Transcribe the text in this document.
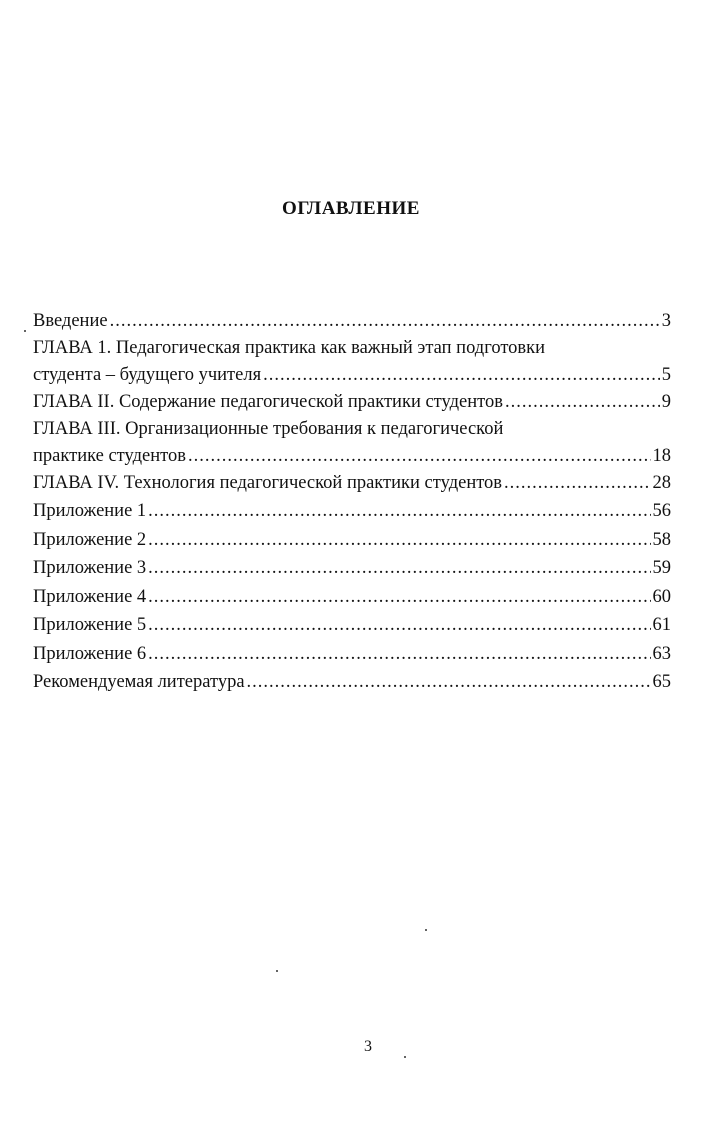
ОГЛАВЛЕНИЕ
Введение .....	3
ГЛАВА 1. Педагогическая практика как важный этап подготовки
студента – будущего учителя .....	5
ГЛАВА II. Содержание педагогической практики студентов .....	9
ГЛАВА III. Организационные требования к педагогической
практике студентов .....	18
ГЛАВА IV. Технология педагогической практики студентов .....	28
Приложение 1 .....	56
Приложение 2 .....	58
Приложение 3 .....	59
Приложение 4 .....	60
Приложение 5 .....	61
Приложение 6 .....	63
Рекомендуемая литература .....	65
3
